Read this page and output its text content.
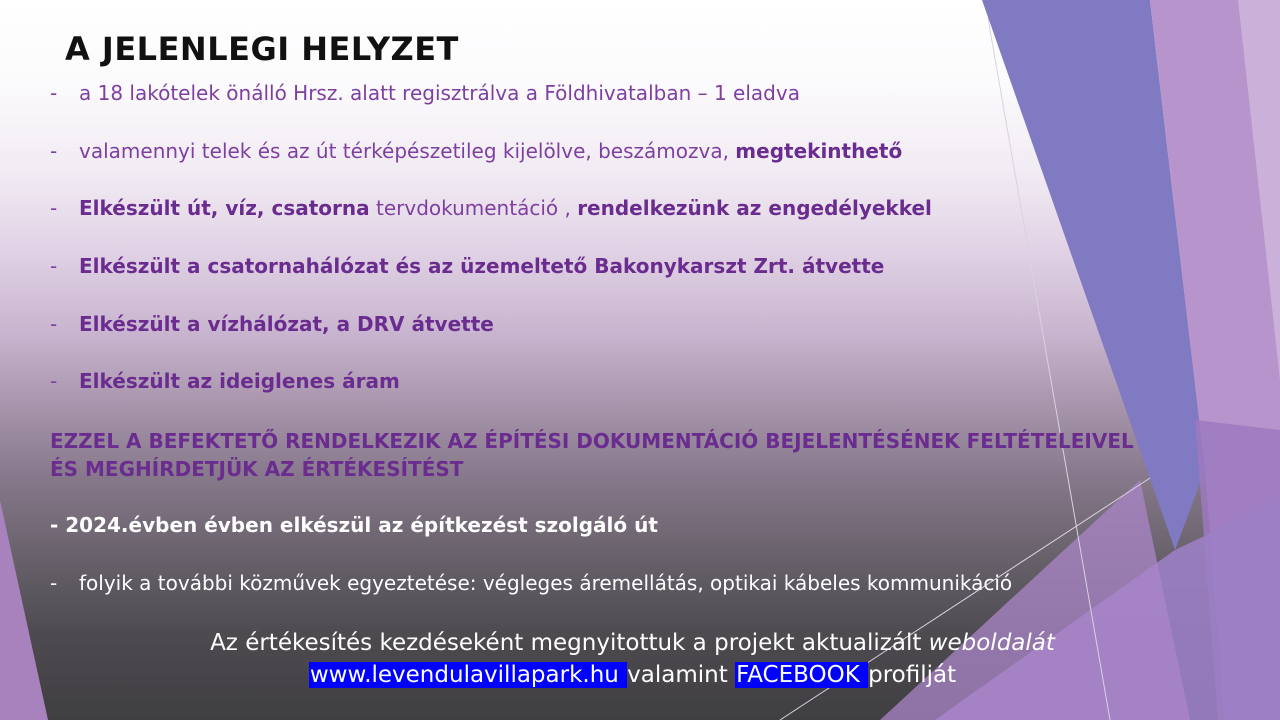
A JELENLEGI HELYZET
- a 18 lakótelek önálló Hrsz. alatt regisztrálva a Földhivatalban – 1 eladva
- valamennyi telek és az út térképészetileg kijelölve, beszámozva, megtekinthető
- Elkészült út, víz, csatorna tervdokumentáció , rendelkezünk az engedélyekkel
- Elkészült a csatornahálózat és az üzemeltető Bakonykarszt Zrt. átvette
- Elkészült a vízhálózat, a DRV átvette
- Elkészült az ideiglenes áram
EZZEL A BEFEKTETŐ RENDELKEZIK AZ ÉPÍTÉSI DOKUMENTÁCIÓ BEJELENTÉSÉNEK FELTÉTELEIVEL
ÉS MEGHÍRDETJÜK AZ ÉRTÉKESÍTÉST
- 2024.évben évben elkészül az építkezést szolgáló út
- folyik a további közművek egyeztetése: végleges áremellátás, optikai kábeles kommunikáció
Az értékesítés kezdéseként megnyitottuk a projekt aktualizált weboldalát
www.levendulavillapark.hu valamint FACEBOOK profilját
